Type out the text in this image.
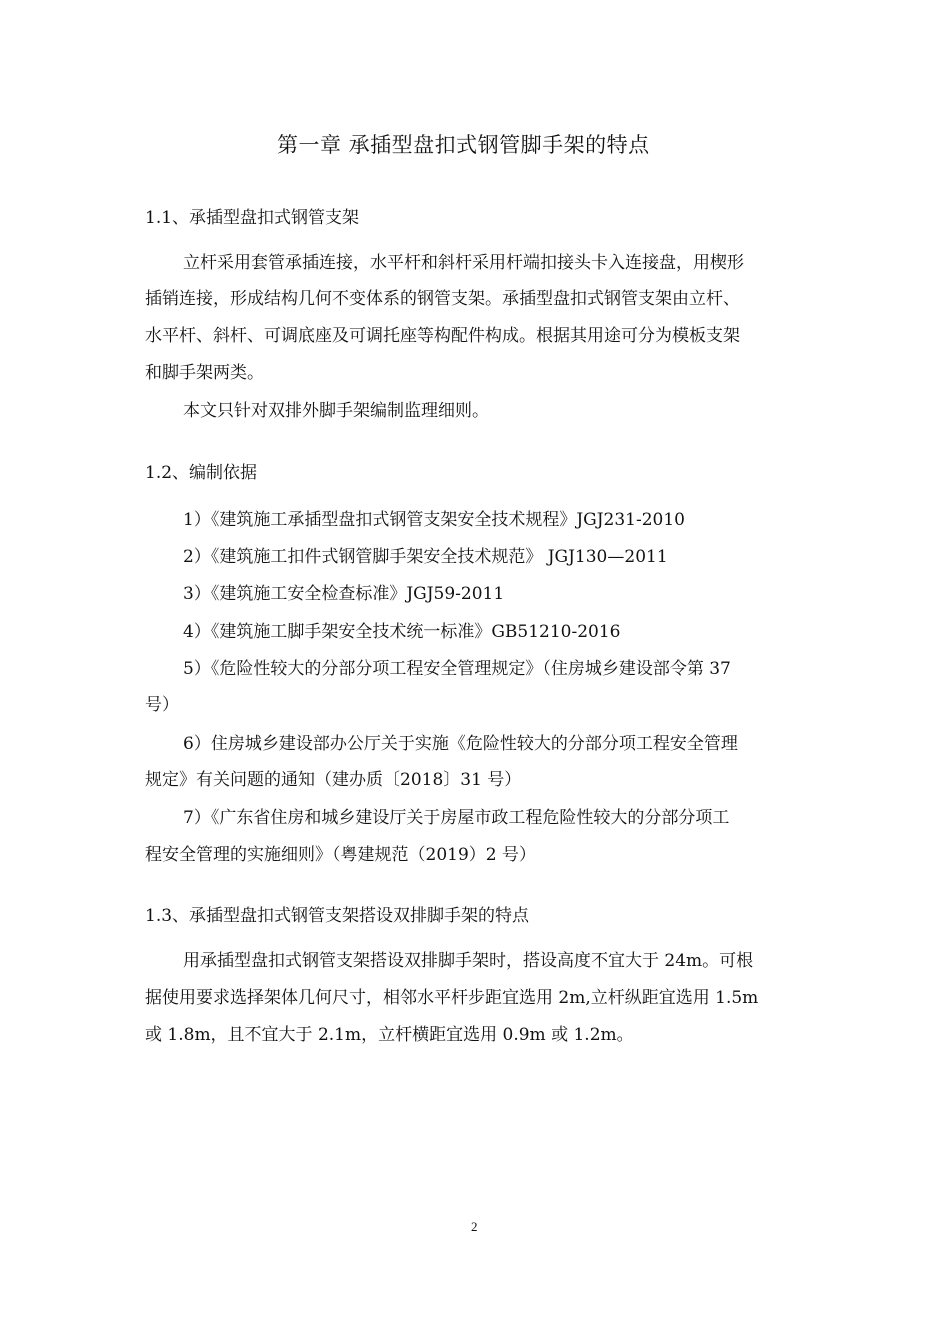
第一章 承插型盘扣式钢管脚手架的特点
1.1、承插型盘扣式钢管支架
立杆采用套管承插连接，水平杆和斜杆采用杆端扣接头卡入连接盘，用楔形
插销连接，形成结构几何不变体系的钢管支架。承插型盘扣式钢管支架由立杆、
水平杆、斜杆、可调底座及可调托座等构配件构成。根据其用途可分为模板支架
和脚手架两类。
本文只针对双排外脚手架编制监理细则。
1.2、编制依据
1）《建筑施工承插型盘扣式钢管支架安全技术规程》JGJ231-2010
2）《建筑施工扣件式钢管脚手架安全技术规范》 JGJ130—2011
3）《建筑施工安全检查标准》JGJ59-2011
4）《建筑施工脚手架安全技术统一标准》GB51210-2016
5）《危险性较大的分部分项工程安全管理规定》（住房城乡建设部令第 37
号）
6）住房城乡建设部办公厅关于实施《危险性较大的分部分项工程安全管理
规定》有关问题的通知（建办质〔2018〕31 号）
7）《广东省住房和城乡建设厅关于房屋市政工程危险性较大的分部分项工
程安全管理的实施细则》（粤建规范（2019）2 号）
1.3、承插型盘扣式钢管支架搭设双排脚手架的特点
用承插型盘扣式钢管支架搭设双排脚手架时，搭设高度不宜大于 24m。可根
据使用要求选择架体几何尺寸，相邻水平杆步距宜选用 2m,立杆纵距宜选用 1.5m
或 1.8m，且不宜大于 2.1m，立杆横距宜选用 0.9m 或 1.2m。
2
